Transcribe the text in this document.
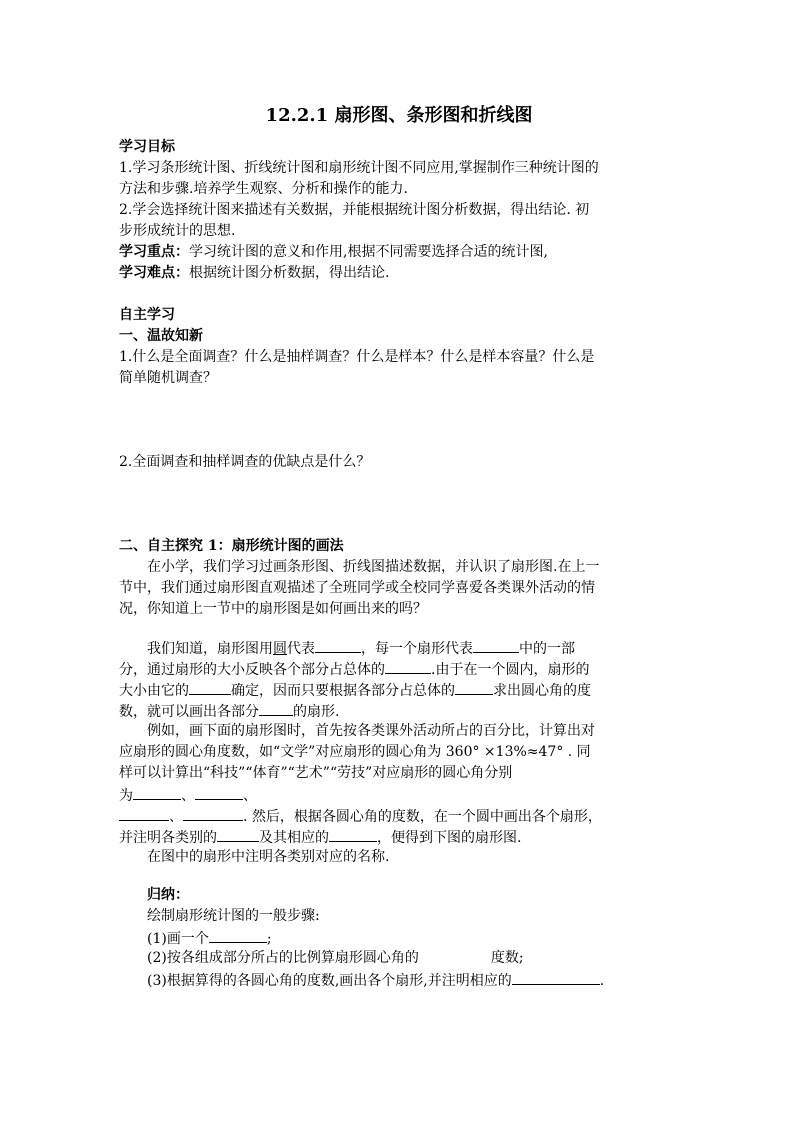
12.2.1 扇形图、条形图和折线图
学习目标
1.学习条形统计图、折线统计图和扇形统计图不同应用,掌握制作三种统计图的
方法和步骤.培养学生观察、分析和操作的能力.
2.学会选择统计图来描述有关数据，并能根据统计图分析数据，得出结论. 初
步形成统计的思想.
学习重点：学习统计图的意义和作用,根据不同需要选择合适的统计图,
学习难点：根据统计图分析数据，得出结论.
自主学习
一、温故知新
1.什么是全面调查？什么是抽样调查？什么是样本？什么是样本容量？什么是
简单随机调查？
2.全面调查和抽样调查的优缺点是什么？
二、自主探究 1：扇形统计图的画法
在小学，我们学习过画条形图、折线图描述数据，并认识了扇形图.在上一
节中，我们通过扇形图直观描述了全班同学或全校同学喜爱各类课外活动的情
况，你知道上一节中的扇形图是如何画出来的吗？
我们知道，扇形图用圆代表	，每一个扇形代表	中的一部
分，通过扇形的大小反映各个部分占总体的	.由于在一个圆内，扇形的
大小由它的	确定，因而只要根据各部分占总体的	求出圆心角的度
数，就可以画出各部分 的扇形.
例如，画下面的扇形图时，首先按各类课外活动所占的百分比，计算出对
应扇形的圆心角度数，如“文学”对应扇形的圆心角为 360° ×13%≈47° . 同
样可以计算出“科技”“体育”“艺术”“劳技”对应扇形的圆心角分别
为	、	、
、	. 然后，根据各圆心角的度数，在一个圆中画出各个扇形，
并注明各类别的	及其相应的	，便得到下图的扇形图.
在图中的扇形中注明各类别对应的名称.
归纳：
绘制扇形统计图的一般步骤:
(1)画一个	;
(2)按各组成部分所占的比例算扇形圆心角的	度数;
(3)根据算得的各圆心角的度数,画出各个扇形,并注明相应的	.
